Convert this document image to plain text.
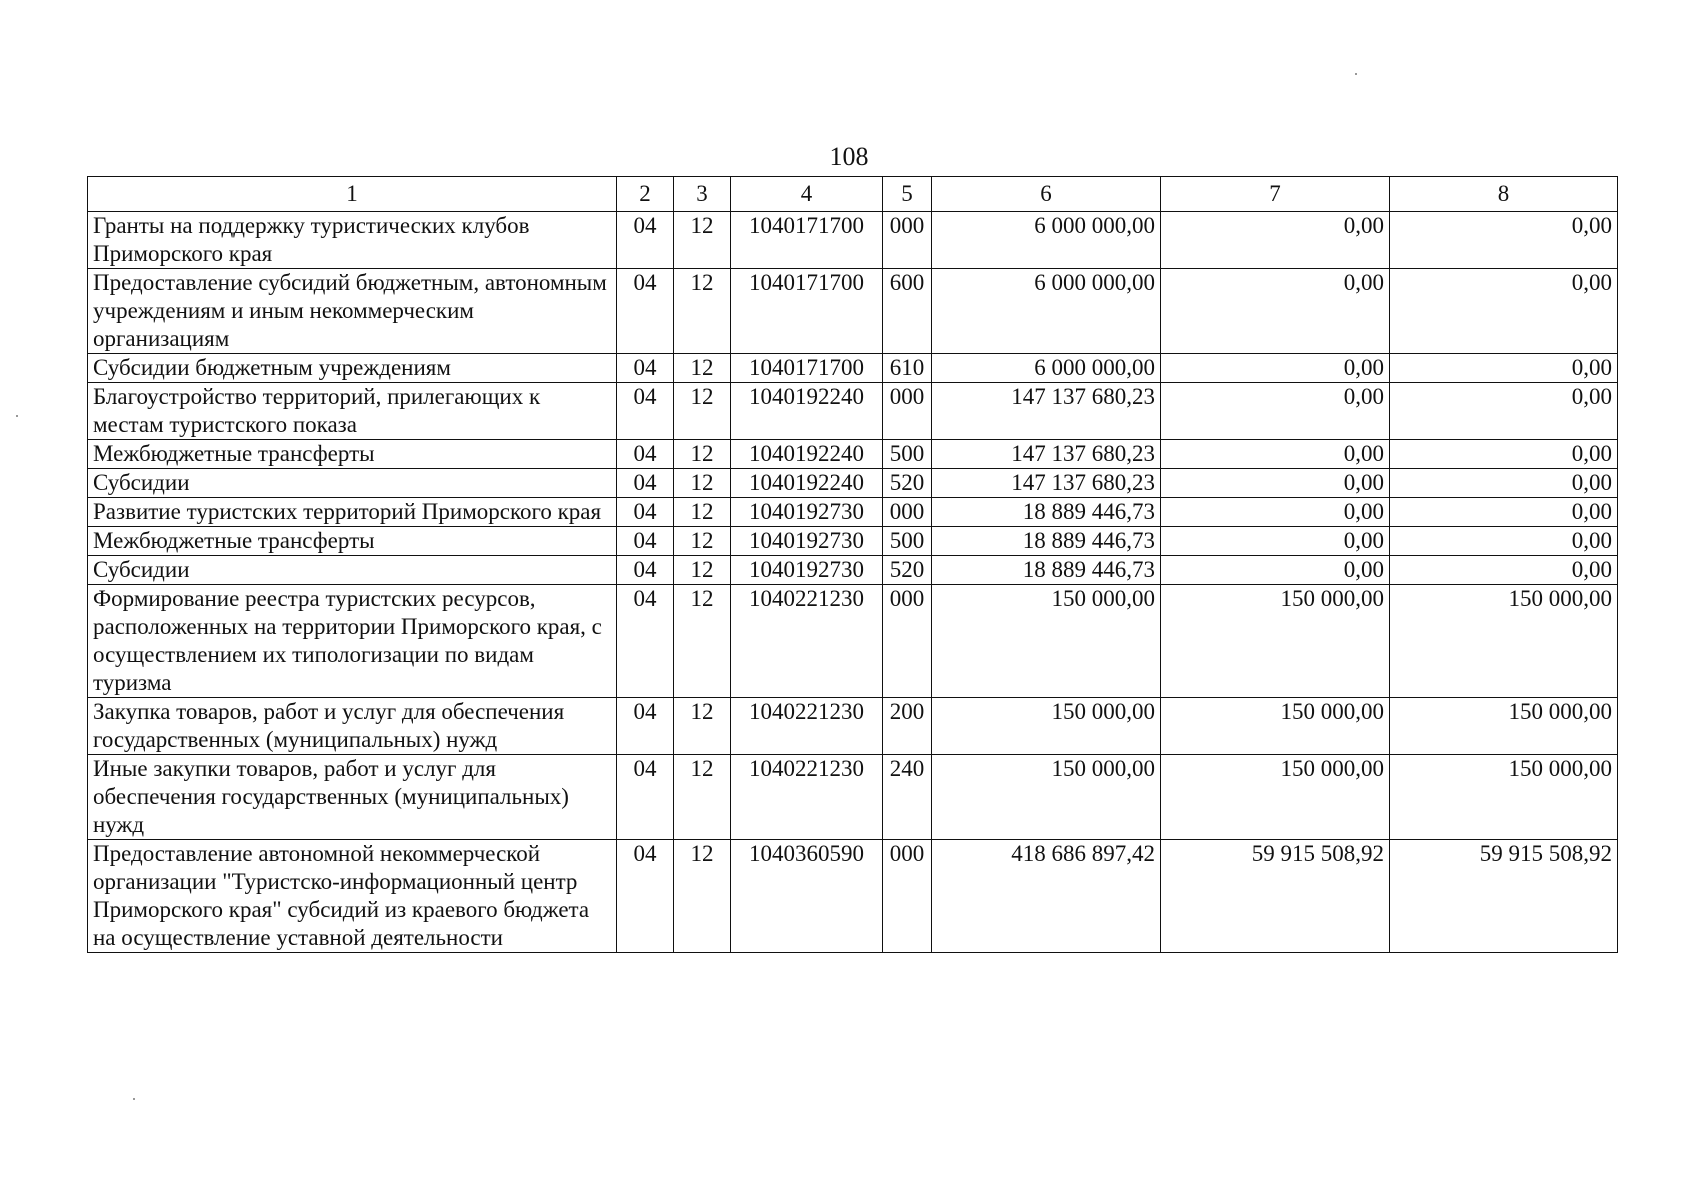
108
1	2	3	4	5	6	7	8
Гранты на поддержку туристических клубов Приморского края	04	12	1040171700	000	6 000 000,00	0,00	0,00
Предоставление субсидий бюджетным, автономным учреждениям и иным некоммерческим организациям	04	12	1040171700	600	6 000 000,00	0,00	0,00
Субсидии бюджетным учреждениям	04	12	1040171700	610	6 000 000,00	0,00	0,00
Благоустройство территорий, прилегающих к местам туристского показа	04	12	1040192240	000	147 137 680,23	0,00	0,00
Межбюджетные трансферты	04	12	1040192240	500	147 137 680,23	0,00	0,00
Субсидии	04	12	1040192240	520	147 137 680,23	0,00	0,00
Развитие туристских территорий Приморского края	04	12	1040192730	000	18 889 446,73	0,00	0,00
Межбюджетные трансферты	04	12	1040192730	500	18 889 446,73	0,00	0,00
Субсидии	04	12	1040192730	520	18 889 446,73	0,00	0,00
Формирование реестра туристских ресурсов, расположенных на территории Приморского края, с осуществлением их типологизации по видам туризма	04	12	1040221230	000	150 000,00	150 000,00	150 000,00
Закупка товаров, работ и услуг для обеспечения государственных (муниципальных) нужд	04	12	1040221230	200	150 000,00	150 000,00	150 000,00
Иные закупки товаров, работ и услуг для обеспечения государственных (муниципальных) нужд	04	12	1040221230	240	150 000,00	150 000,00	150 000,00
Предоставление автономной некоммерческой организации "Туристско-информационный центр Приморского края" субсидий из краевого бюджета на осуществление уставной деятельности	04	12	1040360590	000	418 686 897,42	59 915 508,92	59 915 508,92
